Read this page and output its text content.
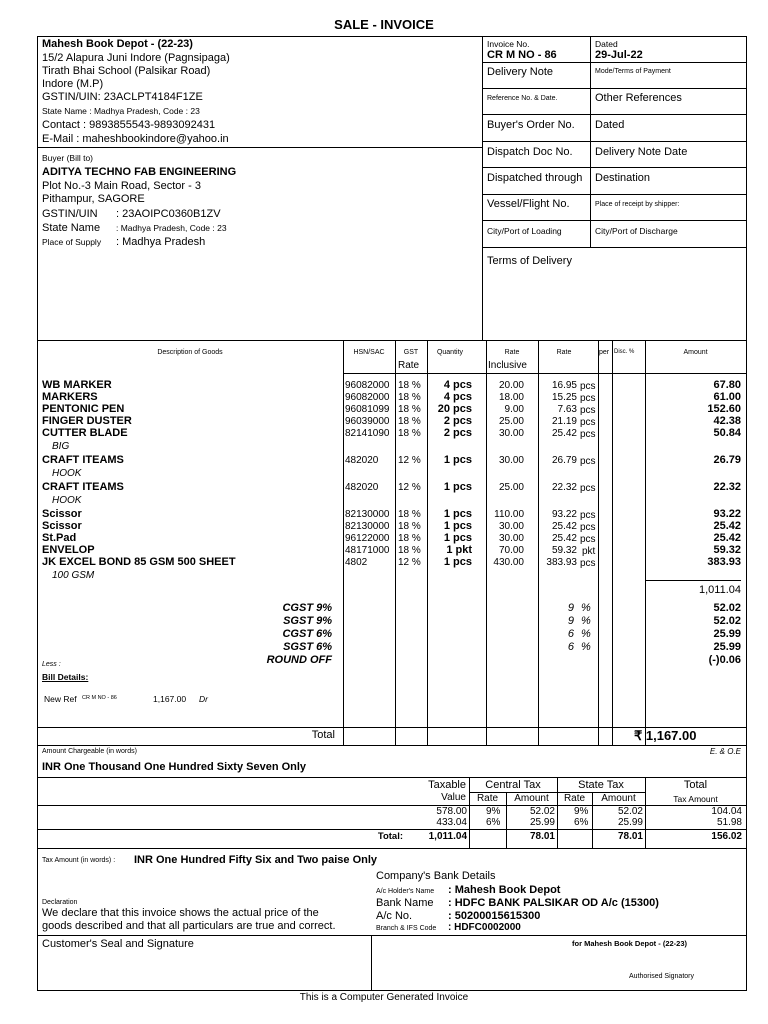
SALE - INVOICE
Mahesh Book Depot - (22-23)
15/2 Alapura Juni Indore (Pagnsipaga)
Tirath Bhai School (Palsikar Road)
Indore (M.P)
GSTIN/UIN: 23ACLPT4184F1ZE
State Name : Madhya Pradesh, Code : 23
Contact : 9893855543-9893092431
E-Mail : maheshbookindore@yahoo.in
Buyer (Bill to)
ADITYA TECHNO FAB ENGINEERING
Plot No.-3 Main Road, Sector - 3
Pithampur, SAGORE
GSTIN/UIN : 23AOIPC0360B1ZV
State Name : Madhya Pradesh, Code : 23
Place of Supply : Madhya Pradesh
Invoice No.
CR M NO - 86
Dated
29-Jul-22
Delivery Note	Mode/Terms of Payment
Reference No. & Date.	Other References
Buyer's Order No. Dated
Dispatch Doc No. Delivery Note Date
Dispatched through Destination
Vessel/Flight No.	Place of receipt by shipper:
City/Port of Loading	City/Port of Discharge
Terms of Delivery
Description of Goods	HSN/SAC	GST
Rate
Quantity	Rate
Inclusive
Rate	per Disc. %	Amount
WB MARKER	96082000 18 %	4 pcs	20.00	16.95 pcs	67.80
MARKERS	96082000 18 %	4 pcs	18.00	15.25 pcs	61.00
PENTONIC PEN	96081099 18 %	20 pcs	9.00	7.63 pcs	152.60
FINGER DUSTER	96039000 18 %	2 pcs	25.00	21.19 pcs	42.38
CUTTER BLADE	82141090 18 %	2 pcs	30.00	25.42 pcs	50.84
BIG
CRAFT ITEAMS	482020 12 %	1 pcs	30.00	26.79 pcs	26.79
HOOK
CRAFT ITEAMS	482020 12 %	1 pcs	25.00	22.32 pcs	22.32
HOOK
Scissor	82130000 18 %	1 pcs	110.00	93.22 pcs	93.22
Scissor	82130000 18 %	1 pcs	30.00	25.42 pcs	25.42
St.Pad	96122000 18 %	1 pcs	30.00	25.42 pcs	25.42
ENVELOP	48171000 18 %	1 pkt	70.00	59.32 pkt	59.32
JK EXCEL BOND 85 GSM 500 SHEET	4802	12 %	1 pcs	430.00	383.93 pcs	383.93
100 GSM
1,011.04
CGST 9%	9 %	52.02
SGST 9%	9 %	52.02
CGST 6%	6 %	25.99
SGST 6%	6 %	25.99
ROUND OFF	(-)0.06
Less :
Bill Details:
New Ref CR M NO - 86	1,167.00 Dr
Total	₹ 1,167.00
Amount Chargeable (in words)	E. & O.E
INR One Thousand One Hundred Sixty Seven Only
Taxable
Value
Central Tax	State Tax	Total
Rate	Amount	Rate	Amount	Tax Amount
578.00 9%	52.02 9%	52.02	104.04
433.04 6%	25.99 6%	25.99	51.98
Total:	1,011.04	78.01	78.01	156.02
Tax Amount (in words) : INR One Hundred Fifty Six and Two paise Only
Company's Bank Details
A/c Holder's Name : Mahesh Book Depot
Bank Name : HDFC BANK PALSIKAR OD A/c (15300)
A/c No.	: 50200015615300
Branch & IFS Code : HDFC0002000
Declaration
We declare that this invoice shows the actual price of the
goods described and that all particulars are true and correct.
Customer's Seal and Signature	for Mahesh Book Depot - (22-23)
Authorised Signatory
This is a Computer Generated Invoice
